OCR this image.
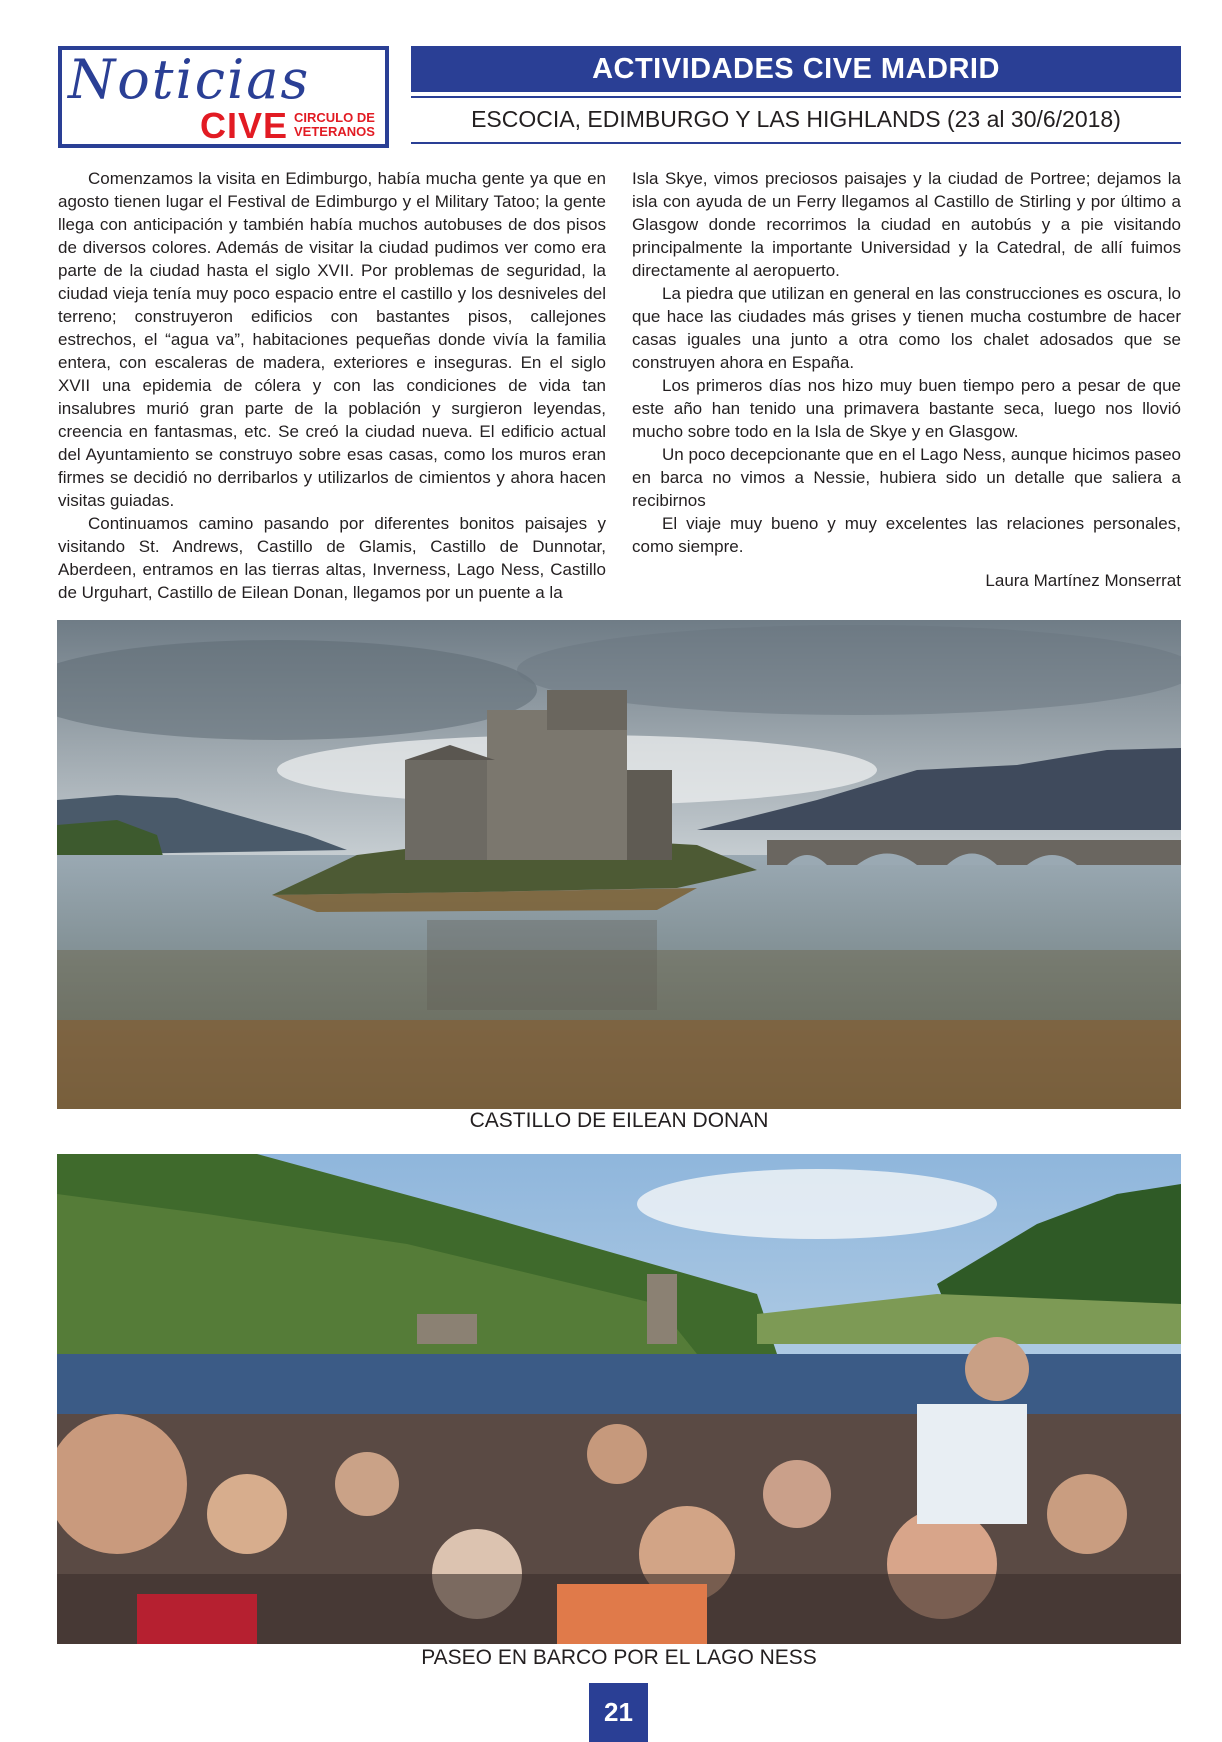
Noticias
CIVE CIRCULO DE
VETERANOS
ACTIVIDADES CIVE MADRID
ESCOCIA, EDIMBURGO Y LAS HIGHLANDS (23 al 30/6/2018)

Comenzamos la visita en Edimburgo, había mucha gente ya que en agosto tienen lugar el Festival de Edimburgo y el Military Tatoo; la gente llega con anticipación y también había muchos autobuses de dos pisos de diversos colores. Además de visitar la ciudad pudimos ver como era parte de la ciudad hasta el siglo XVII. Por problemas de seguridad, la ciudad vieja tenía muy poco espacio entre el castillo y los desniveles del terreno; construyeron edificios con bastantes pisos, callejones estrechos, el “agua va”, habitaciones pequeñas donde vivía la familia entera, con escaleras de madera, exteriores e inseguras. En el siglo XVII una epidemia de cólera y con las condiciones de vida tan insalubres murió gran parte de la población y surgieron leyendas, creencia en fantasmas, etc. Se creó la ciudad nueva. El edificio actual del Ayuntamiento se construyo sobre esas casas, como los muros eran firmes se decidió no derribarlos y utilizarlos de cimientos y ahora hacen visitas guiadas.

Continuamos camino pasando por diferentes bonitos paisajes y visitando St. Andrews, Castillo de Glamis, Castillo de Dunnotar, Aberdeen, entramos en las tierras altas, Inverness, Lago Ness, Castillo de Urguhart, Castillo de Eilean Donan, llegamos por un puente a la

Isla Skye, vimos preciosos paisajes y la ciudad de Portree; dejamos la isla con ayuda de un Ferry llegamos al Castillo de Stirling y por último a Glasgow donde recorrimos la ciudad en autobús y a pie visitando principalmente la importante Universidad y la Catedral, de allí fuimos directamente al aeropuerto.

La piedra que utilizan en general en las construcciones es oscura, lo que hace las ciudades más grises y tienen mucha costumbre de hacer casas iguales una junto a otra como los chalet adosados que se construyen ahora en España.

Los primeros días nos hizo muy buen tiempo pero a pesar de que este año han tenido una primavera bastante seca, luego nos llovió mucho sobre todo en la Isla de Skye y en Glasgow.

Un poco decepcionante que en el Lago Ness, aunque hicimos paseo en barca no vimos a Nessie, hubiera sido un detalle que saliera a recibirnos

El viaje muy bueno y muy excelentes las relaciones personales, como siempre.

Laura Martínez Monserrat

CASTILLO DE EILEAN DONAN
PASEO EN BARCO POR EL LAGO NESS
21
